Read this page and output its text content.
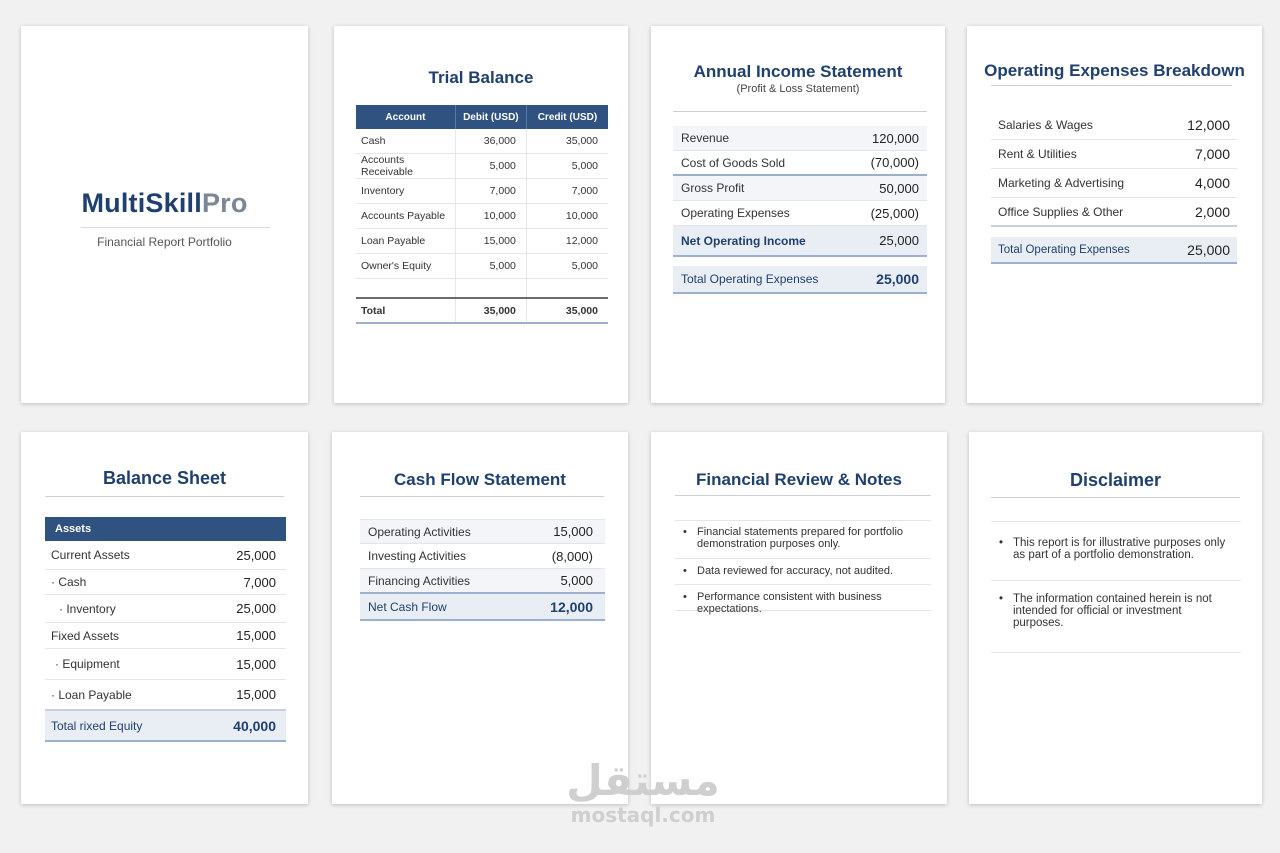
MultiSkillPro
Financial Report Portfolio
Trial Balance
Account	Debit (USD)	Credit (USD)
Cash	36,000	35,000
Accounts Receivable	5,000	5,000
Inventory	7,000	7,000
Accounts Payable	10,000	10,000
Loan Payable	15,000	12,000
Owner's Equity	5,000	5,000

Total	35,000	35,000
Annual Income Statement
(Profit & Loss Statement)
Revenue	120,000
Cost of Goods Sold	(70,000)
Gross Profit	50,000
Operating Expenses	(25,000)
Net Operating Income	25,000
Total Operating Expenses	25,000
Operating Expenses Breakdown
Salaries & Wages	12,000
Rent & Utilities	7,000
Marketing & Advertising	4,000
Office Supplies & Other	2,000
Total Operating Expenses	25,000
Balance Sheet
Assets
Current Assets	25,000
· Cash	7,000
· Inventory	25,000
Fixed Assets	15,000
· Equipment	15,000
· Loan Payable	15,000
Total rixed Equity	40,000
Cash Flow Statement
Operating Activities	15,000
Investing Activities	(8,000)
Financing Activities	5,000
Net Cash Flow	12,000
Financial Review & Notes
• Financial statements prepared for portfolio demonstration purposes only.
• Data reviewed for accuracy, not audited.
• Performance consistent with business expectations.
Disclaimer
• This report is for illustrative purposes only as part of a portfolio demonstration.
• The information contained herein is not intended for official or investment purposes.
مستقل
mostaql.com
